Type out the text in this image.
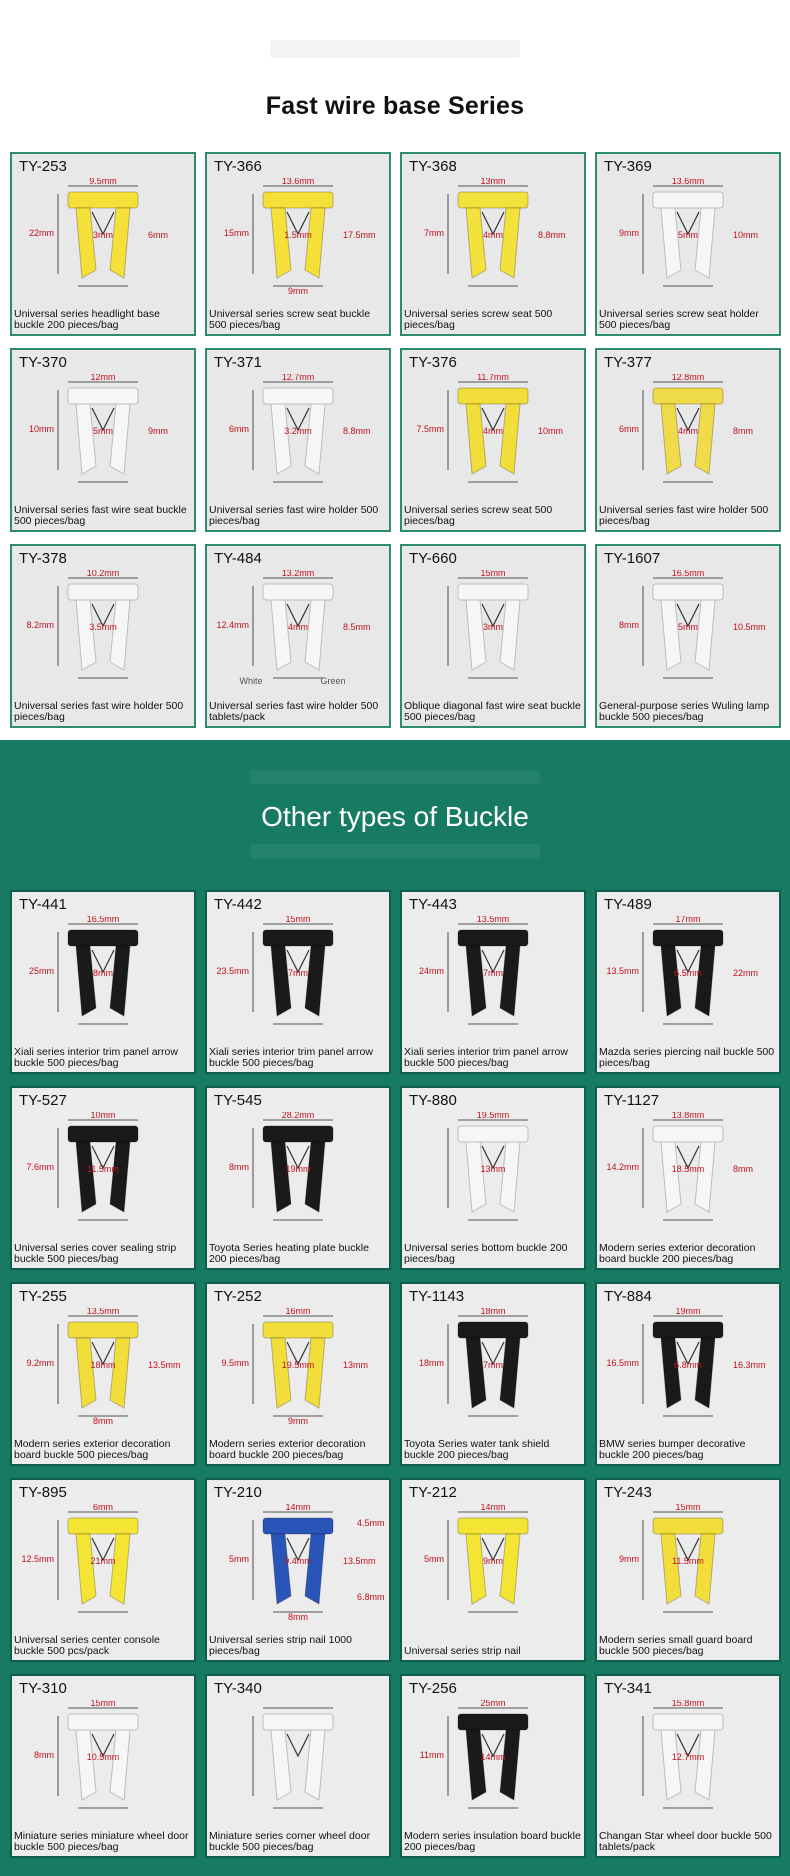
Fast wire base Series
TY-253
9.5mm
3mm
22mm	6mm
Universal series headlight base buckle 200 pieces/bag
TY-366
13.6mm
1.5mm
15mm	17.5mm
9mm
Universal series screw seat buckle 500 pieces/bag
TY-368
13mm
4mm
7mm	8.8mm
Universal series screw seat 500 pieces/bag
TY-369
13.6mm
5mm
9mm	10mm
Universal series screw seat holder 500 pieces/bag
TY-370
12mm
5mm
10mm	9mm
Universal series fast wire seat buckle 500 pieces/bag
TY-371
12.7mm
3.2mm
6mm	8.8mm
Universal series fast wire holder 500 pieces/bag
TY-376
11.7mm
4mm
7.5mm	10mm
Universal series screw seat 500 pieces/bag
TY-377
12.8mm
4mm
6mm	8mm
Universal series fast wire holder 500 pieces/bag
TY-378
10.2mm
3.5mm
8.2mm
Universal series fast wire holder 500 pieces/bag
TY-484
13.2mm
4mm
12.4mm	8.5mm
White	Green
Universal series fast wire holder 500 tablets/pack
TY-660
15mm
3mm
Oblique diagonal fast wire seat buckle 500 pieces/bag
TY-1607
16.5mm
5mm
8mm	10.5mm
General-purpose series Wuling lamp buckle 500 pieces/bag
Other types of Buckle
TY-441
16.5mm
8mm
25mm
Xiali series interior trim panel arrow buckle 500 pieces/bag
TY-442
15mm
7mm
23.5mm
Xiali series interior trim panel arrow buckle 500 pieces/bag
TY-443
13.5mm
7mm
24mm
Xiali series interior trim panel arrow buckle 500 pieces/bag
TY-489
17mm
6.5mm
13.5mm	22mm
Mazda series piercing nail buckle 500 pieces/bag
TY-527
10mm
11.5mm
7.6mm
Universal series cover sealing strip buckle 500 pieces/bag
TY-545
28.2mm
19mm
8mm
Toyota Series heating plate buckle 200 pieces/bag
TY-880
19.5mm
13mm
Universal series bottom buckle 200 pieces/bag
TY-1127
13.8mm
18.5mm
14.2mm	8mm
Modern series exterior decoration board buckle 200 pieces/bag
TY-255
13.5mm
18mm
9.2mm	13.5mm
8mm
Modern series exterior decoration board buckle 500 pieces/bag
TY-252
16mm
19.5mm
9.5mm	13mm
9mm
Modern series exterior decoration board buckle 200 pieces/bag
TY-1143
18mm
7mm
18mm
Toyota Series water tank shield buckle 200 pieces/bag
TY-884
19mm
6.8mm
16.5mm	16.3mm
BMW series bumper decorative buckle 200 pieces/bag
TY-895
6mm
21mm
12.5mm
Universal series center console buckle 500 pcs/pack
TY-210
14mm
9.4mm
5mm	13.5mm
8mm
4.5mm
6.8mm
Universal series strip nail 1000 pieces/bag
TY-212
14mm
9mm
5mm
Universal series strip nail
TY-243
15mm
11.5mm
9mm
Modern series small guard board buckle 500 pieces/bag
TY-310
15mm
10.5mm
8mm
Miniature series miniature wheel door buckle 500 pieces/bag
TY-340
Miniature series corner wheel door buckle 500 pieces/bag
TY-256
25mm
14mm
11mm
Modern series insulation board buckle 200 pieces/bag
TY-341
15.8mm
12.7mm
Changan Star wheel door buckle 500 tablets/pack
